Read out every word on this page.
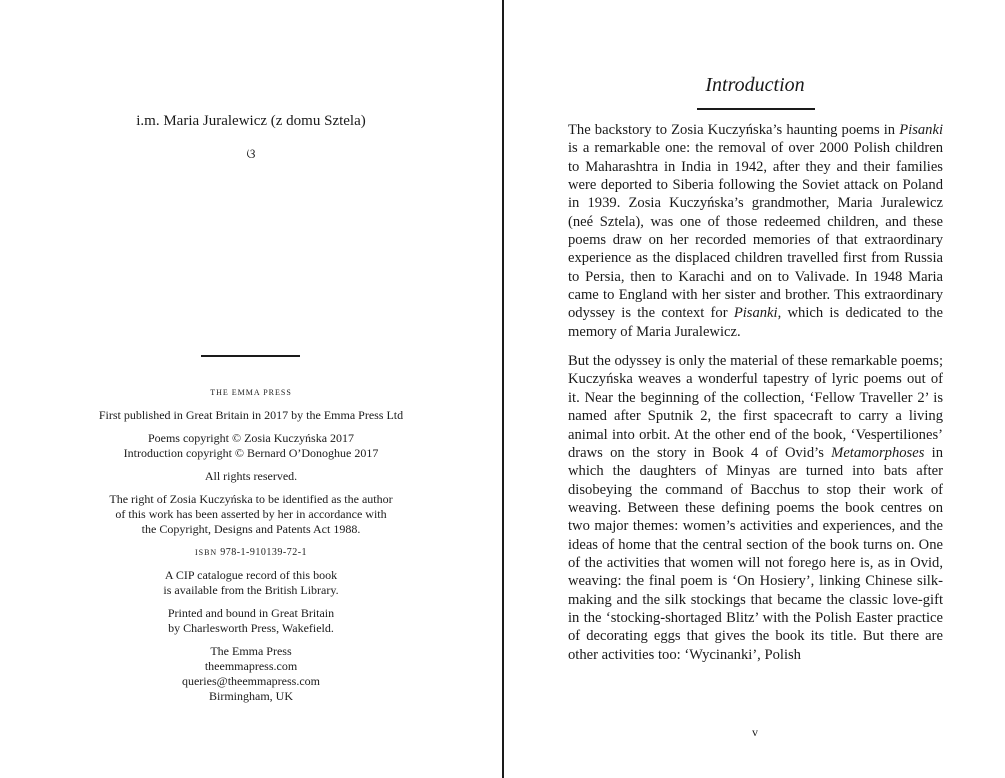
i.m. Maria Juralewicz (z domu Sztela)
ଓ
THE EMMA PRESS
First published in Great Britain in 2017 by the Emma Press Ltd
Poems copyright © Zosia Kuczyńska 2017
Introduction copyright © Bernard O’Donoghue 2017
All rights reserved.
The right of Zosia Kuczyńska to be identified as the author
of this work has been asserted by her in accordance with
the Copyright, Designs and Patents Act 1988.
ISBN 978-1-910139-72-1
A CIP catalogue record of this book
is available from the British Library.
Printed and bound in Great Britain
by Charlesworth Press, Wakefield.
The Emma Press
theemmapress.com
queries@theemmapress.com
Birmingham, UK
Introduction

The backstory to Zosia Kuczyńska’s haunting poems in Pisanki is a remarkable one: the removal of over 2000 Polish children to Maharashtra in India in 1942, after they and their families were deported to Siberia following the Soviet attack on Poland in 1939. Zosia Kuczyńska’s grandmother, Maria Juralewicz (neé Sztela), was one of those redeemed children, and these poems draw on her recorded memories of that extraordinary experience as the displaced children travelled first from Russia to Persia, then to Karachi and on to Valivade. In 1948 Maria came to England with her sister and brother. This extraordinary odyssey is the context for Pisanki, which is dedicated to the memory of Maria Juralewicz.

But the odyssey is only the material of these remarkable poems; Kuczyńska weaves a wonderful tapestry of lyric poems out of it. Near the beginning of the collection, ‘Fellow Traveller 2’ is named after Sputnik 2, the first spacecraft to carry a living animal into orbit. At the other end of the book, ‘Vespertiliones’ draws on the story in Book 4 of Ovid’s Metamorphoses in which the daughters of Minyas are turned into bats after disobeying the command of Bacchus to stop their work of weaving. Between these defining poems the book centres on two major themes: women’s activities and experiences, and the ideas of home that the central section of the book turns on. One of the activities that women will not forego here is, as in Ovid, weaving: the final poem is ‘On Hosiery’, linking Chinese silk-making and the silk stockings that became the classic love-gift in the ‘stocking-shortaged Blitz’ with the Polish Easter practice of decorating eggs that gives the book its title. But there are other activities too: ‘Wycinanki’, Polish

v
